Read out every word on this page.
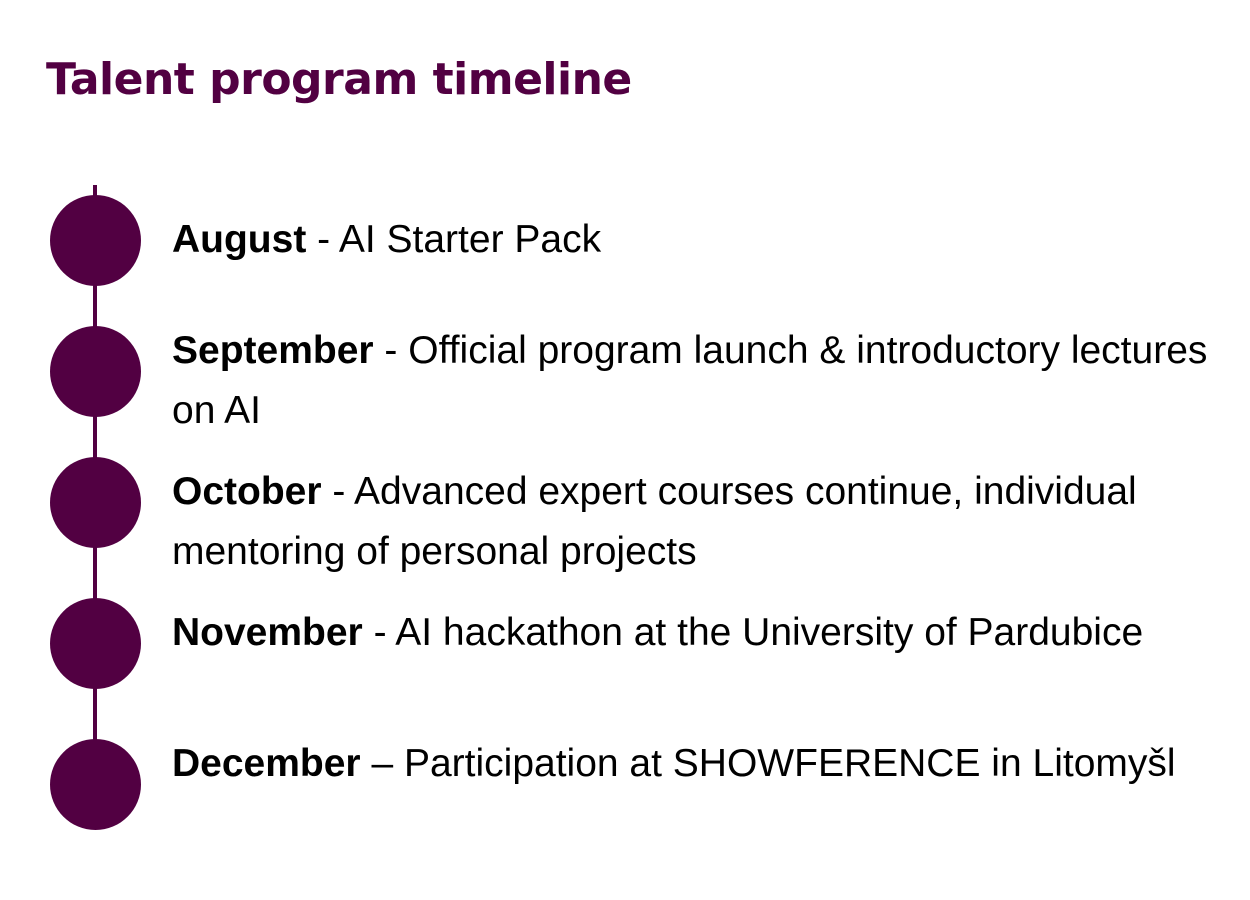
Talent program timeline
August - AI Starter Pack
September - Official program launch & introductory lectures on AI
October - Advanced expert courses continue, individual mentoring of personal projects
November - AI hackathon at the University of Pardubice
December – Participation at SHOWFERENCE in Litomyšl
